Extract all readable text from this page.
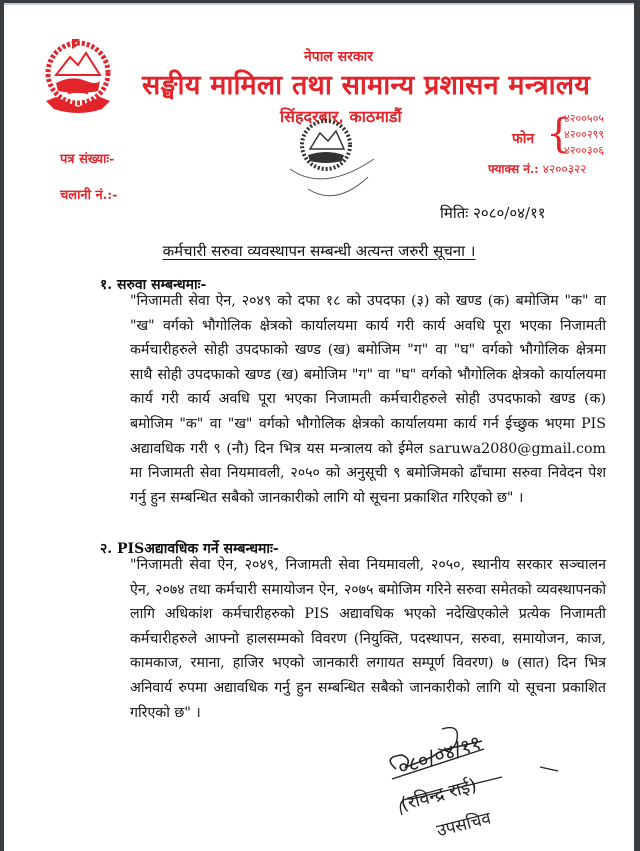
नेपाल सरकार
सङ्घीय मामिला तथा सामान्य प्रशासन मन्त्रालय
सिंहदरबार, काठमाडौं
फोन {
४२००५०५
४२००२९९
४२००३०६
फ्याक्स नं.: ४२००३२२
पत्र संख्याः-
चलानी नं.:-
मितिः २०८०/०४/११
कर्मचारी सरुवा व्यवस्थापन सम्बन्धी अत्यन्त जरुरी सूचना ।
१. सरुवा सम्बन्धमाः-
"निजामती सेवा ऐन, २०४९ को दफा १८ को उपदफा (३) को खण्ड (क) बमोजिम "क" वा "ख" वर्गको भौगोलिक क्षेत्रको कार्यालयमा कार्य गरी कार्य अवधि पूरा भएका निजामती कर्मचारीहरुले सोही उपदफाको खण्ड (ख) बमोजिम "ग" वा "घ" वर्गको भौगोलिक क्षेत्रमा साथै सोही उपदफाको खण्ड (ख) बमोजिम "ग" वा "घ" वर्गको भौगोलिक क्षेत्रको कार्यालयमा कार्य गरी कार्य अवधि पूरा भएका निजामती कर्मचारीहरुले सोही उपदफाको खण्ड (क) बमोजिम "क" वा "ख" वर्गको भौगोलिक क्षेत्रको कार्यालयमा कार्य गर्न ईच्छुक भएमा PIS अद्यावधिक गरी ९ (नौ) दिन भित्र यस मन्त्रालय को ईमेल saruwa2080@gmail.com मा निजामती सेवा नियमावली, २०५० को अनुसूची ९ बमोजिमको ढाँचामा सरुवा निवेदन पेश गर्नु हुन सम्बन्धित सबैको जानकारीको लागि यो सूचना प्रकाशित गरिएको छ" ।
२. PISअद्यावधिक गर्ने सम्बन्धमाः-
"निजामती सेवा ऐन, २०४९, निजामती सेवा नियमावली, २०५०, स्थानीय सरकार सञ्चालन ऐन, २०७४ तथा कर्मचारी समायोजन ऐन, २०७५ बमोजिम गरिने सरुवा समेतको व्यवस्थापनको लागि अधिकांश कर्मचारीहरुको PIS अद्यावधिक भएको नदेखिएकोले प्रत्येक निजामती कर्मचारीहरुले आफ्नो हालसम्मको विवरण (नियुक्ति, पदस्थापन, सरुवा, समायोजन, काज, कामकाज, रमाना, हाजिर भएको जानकारी लगायत सम्पूर्ण विवरण) ७ (सात) दिन भित्र अनिवार्य रुपमा अद्यावधिक गर्नु हुन सम्बन्धित सबैको जानकारीको लागि यो सूचना प्रकाशित गरिएको छ" ।
०८०/०४/११
(रविन्द्र राई)
उपसचिव
